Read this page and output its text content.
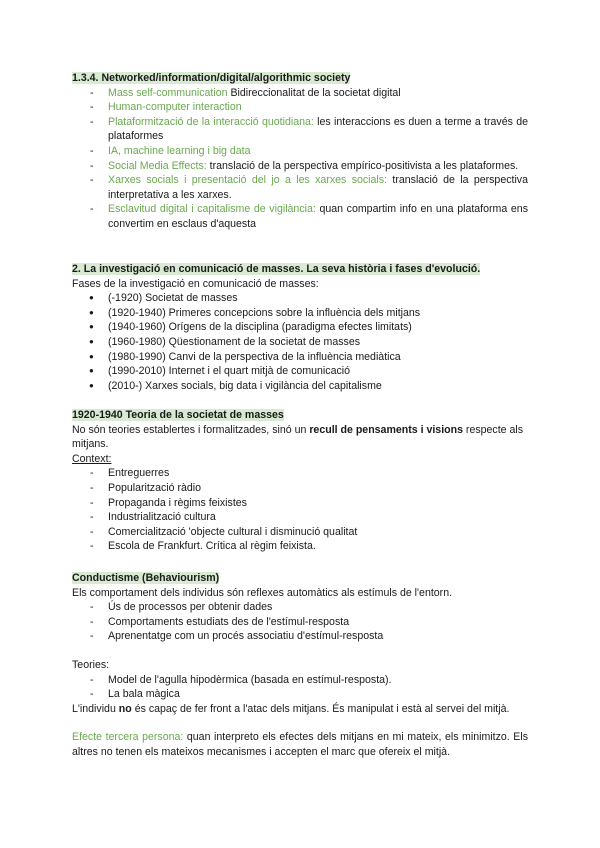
1.3.4. Networked/information/digital/algorithmic society

- Mass self-communication Bidireccionalitat de la societat digital
- Human-computer interaction
- Plataformització de la interacció quotidiana: les interaccions es duen a terme a través de plataformes
- IA, machine learning i big data
- Social Media Effects: translació de la perspectiva empírico-positivista a les plataformes.
- Xarxes socials i presentació del jo a les xarxes socials: translació de la perspectiva interpretativa a les xarxes.
- Esclavitud digital i capitalisme de vigilància: quan compartim info en una plataforma ens convertim en esclaus d'aquesta

2. La investigació en comunicació de masses. La seva història i fases d'evolució.

Fases de la investigació en comunicació de masses:

● (-1920) Societat de masses
● (1920-1940) Primeres concepcions sobre la influència dels mitjans
● (1940-1960) Orígens de la disciplina (paradigma efectes limitats)
● (1960-1980) Qüestionament de la societat de masses
● (1980-1990) Canvi de la perspectiva de la influència mediàtica
● (1990-2010) Internet i el quart mitjà de comunicació
● (2010-) Xarxes socials, big data i vigilància del capitalisme

1920-1940 Teoria de la societat de masses

No són teories establertes i formalitzades, sinó un recull de pensaments i visions respecte als mitjans.

Context:

- Entreguerres
- Popularització ràdio
- Propaganda i règims feixistes
- Industrialització cultura
- Comercialització 'objecte cultural i disminució qualitat
- Escola de Frankfurt. Crítica al règim feixista.

Conductisme (Behaviourism)

Els comportament dels individus són reflexes automàtics als estímuls de l'entorn.

- Ús de processos per obtenir dades
- Comportaments estudiats des de l'estímul-resposta
- Aprenentatge com un procés associatiu d'estímul-resposta

Teories:

- Model de l'agulla hipodèrmica (basada en estímul-resposta).
- La bala màgica

L'individu no és capaç de fer front a l'atac dels mitjans. És manipulat i està al servei del mitjà.

Efecte tercera persona: quan interpreto els efectes dels mitjans en mi mateix, els minimitzo. Els altres no tenen els mateixos mecanismes i accepten el marc que ofereix el mitjà.
